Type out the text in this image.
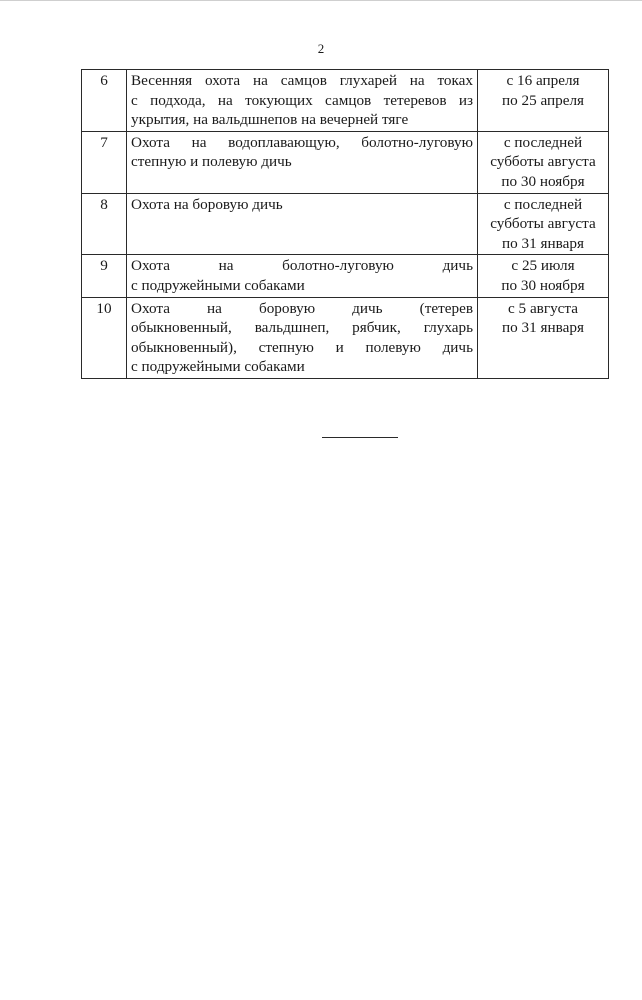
2
6	Весенняя охота на самцов глухарей на токах
с подхода, на токующих самцов тетеревов из
укрытия, на вальдшнепов на вечерней тяге	с 16 апреля
по 25 апреля

7	Охота на водоплавающую, болотно-луговую
степную и полевую дичь	с последней
субботы августа
по 30 ноября

8	Охота на боровую дичь	с последней
субботы августа
по 31 января

9	Охота на болотно-луговую дичь
с подружейными собаками	с 25 июля
по 30 ноября

10	Охота на боровую дичь (тетерев
обыкновенный, вальдшнеп, рябчик, глухарь
обыкновенный), степную и полевую дичь
с подружейными собаками	с 5 августа
по 31 января
